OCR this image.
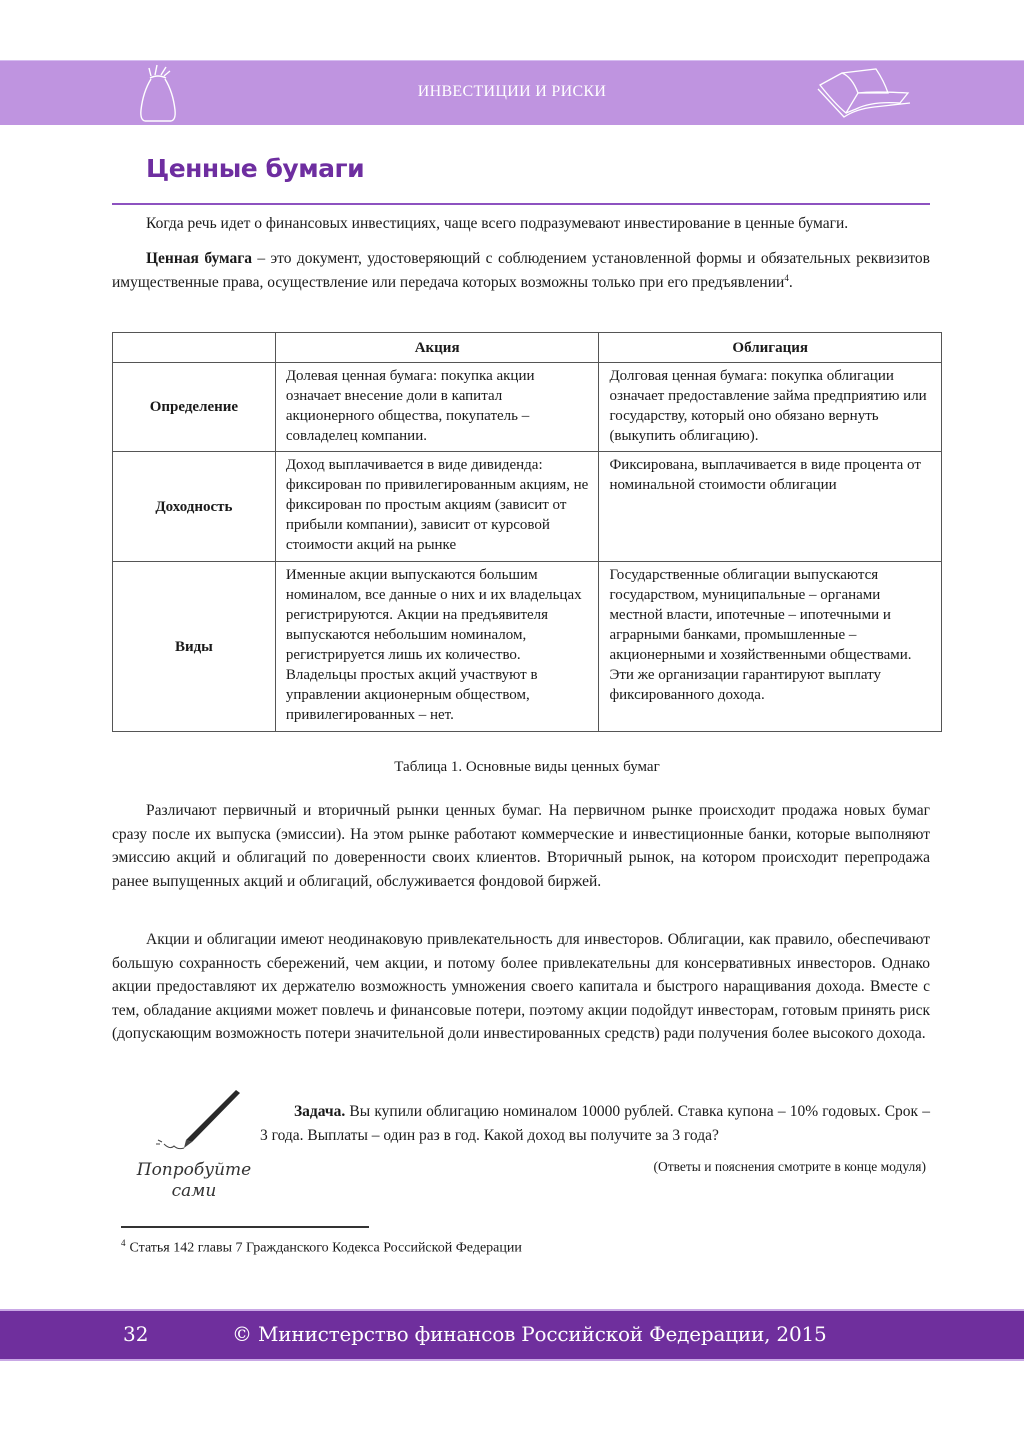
ИНВЕСТИЦИИ И РИСКИ
Ценные бумаги

Когда речь идет о финансовых инвестициях, чаще всего подразумевают инвестирование в ценные бумаги.

Ценная бумага – это документ, удостоверяющий с соблюдением установленной формы и обязательных реквизитов имущественные права, осуществление или передача которых возможны только при его предъявлении$^4$.

	Акция	Облигация
Определение	Долевая ценная бумага: покупка акции означает внесение доли в капитал акционерного общества, покупатель – совладелец компании.	Долговая ценная бумага: покупка облигации означает предоставление займа предприятию или государству, который оно обязано вернуть (выкупить облигацию).
Доходность	Доход выплачивается в виде дивиденда: фиксирован по привилегированным акциям, не фиксирован по простым акциям (зависит от прибыли компании), зависит от курсовой стоимости акций на рынке	Фиксирована, выплачивается в виде процента от номинальной стоимости облигации
Виды	Именные акции выпускаются большим номиналом, все данные о них и их владельцах регистрируются. Акции на предъявителя выпускаются небольшим номиналом, регистрируется лишь их количество. Владельцы простых акций участвуют в управлении акционерным обществом, привилегированных – нет.	Государственные облигации выпускаются государством, муниципальные – органами местной власти, ипотечные – ипотечными и аграрными банками, промышленные – акционерными и хозяйственными обществами. Эти же организации гарантируют выплату фиксированного дохода.
Таблица 1. Основные виды ценных бумаг

Различают первичный и вторичный рынки ценных бумаг. На первичном рынке происходит продажа новых бумаг сразу после их выпуска (эмиссии). На этом рынке работают коммерческие и инвестиционные банки, которые выполняют эмиссию акций и облигаций по доверенности своих клиентов. Вторичный рынок, на котором происходит перепродажа ранее выпущенных акций и облигаций, обслуживается фондовой биржей.

Акции и облигации имеют неодинаковую привлекательность для инвесторов. Облигации, как правило, обеспечивают большую сохранность сбережений, чем акции, и потому более привлекательны для консервативных инвесторов. Однако акции предоставляют их держателю возможность умножения своего капитала и быстрого наращивания дохода. Вместе с тем, обладание акциями может повлечь и финансовые потери, поэтому акции подойдут инвесторам, готовым принять риск (допускающим возможность потери значительной доли инвестированных средств) ради получения более высокого дохода.

Попробуйте
сами

Задача. Вы купили облигацию номиналом 10000 рублей. Ставка купона – 10% годовых. Срок – 3 года. Выплаты – один раз в год. Какой доход вы получите за 3 года?

(Ответы и пояснения смотрите в конце модуля)
$^4$ Статья 142 главы 7 Гражданского Кодекса Российской Федерации
32	© Министерство финансов Российской Федерации, 2015
